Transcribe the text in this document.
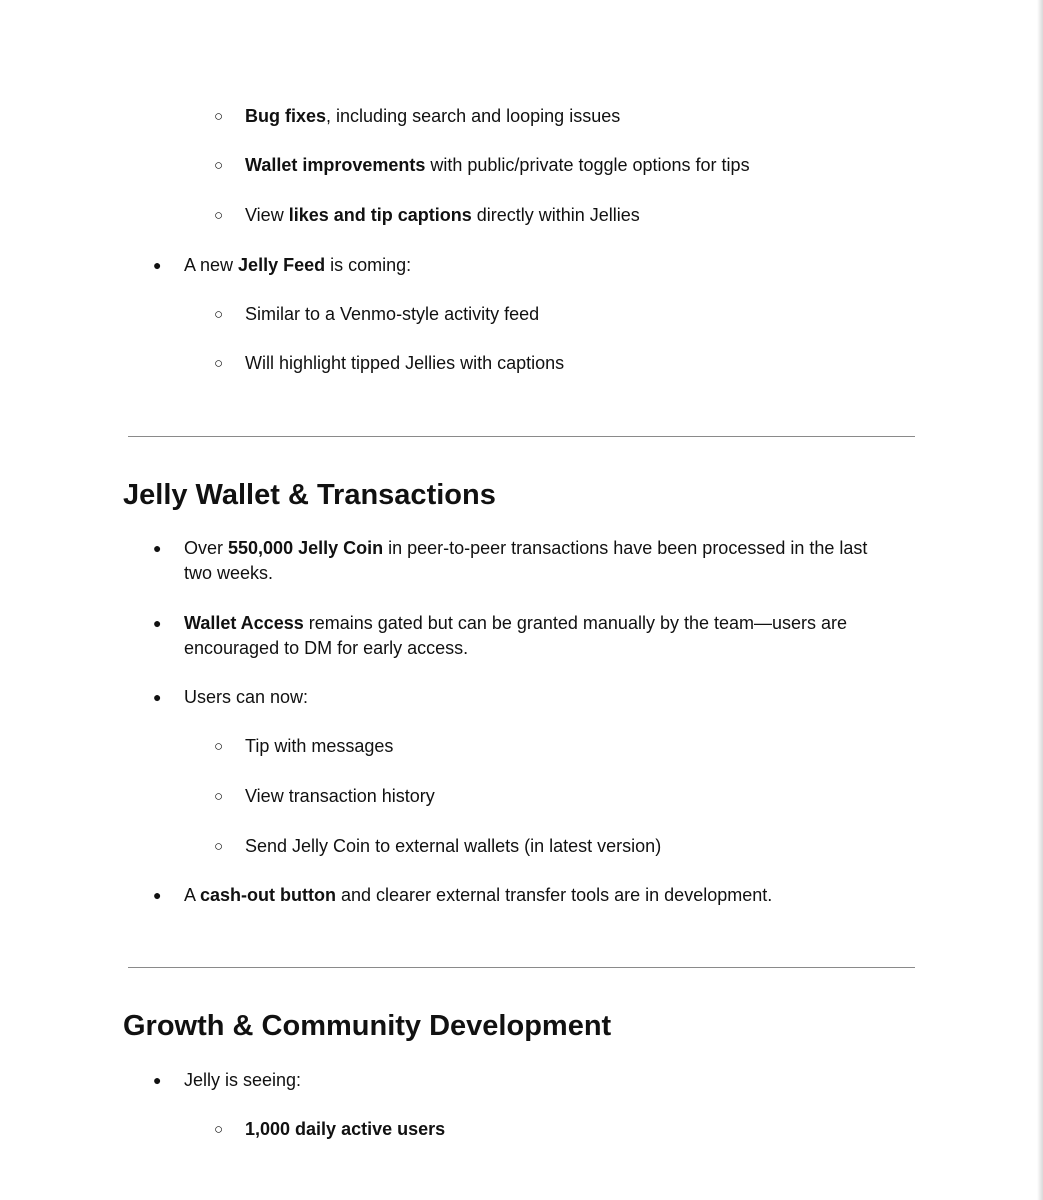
○ Bug fixes, including search and looping issues
○ Wallet improvements with public/private toggle options for tips
○ View likes and tip captions directly within Jellies
● A new Jelly Feed is coming:
○ Similar to a Venmo-style activity feed
○ Will highlight tipped Jellies with captions
Jelly Wallet & Transactions
● Over 550,000 Jelly Coin in peer-to-peer transactions have been processed in the last
two weeks.
● Wallet Access remains gated but can be granted manually by the team—users are
encouraged to DM for early access.
● Users can now:
○ Tip with messages
○ View transaction history
○ Send Jelly Coin to external wallets (in latest version)
● A cash-out button and clearer external transfer tools are in development.
Growth & Community Development
● Jelly is seeing:
○ 1,000 daily active users
